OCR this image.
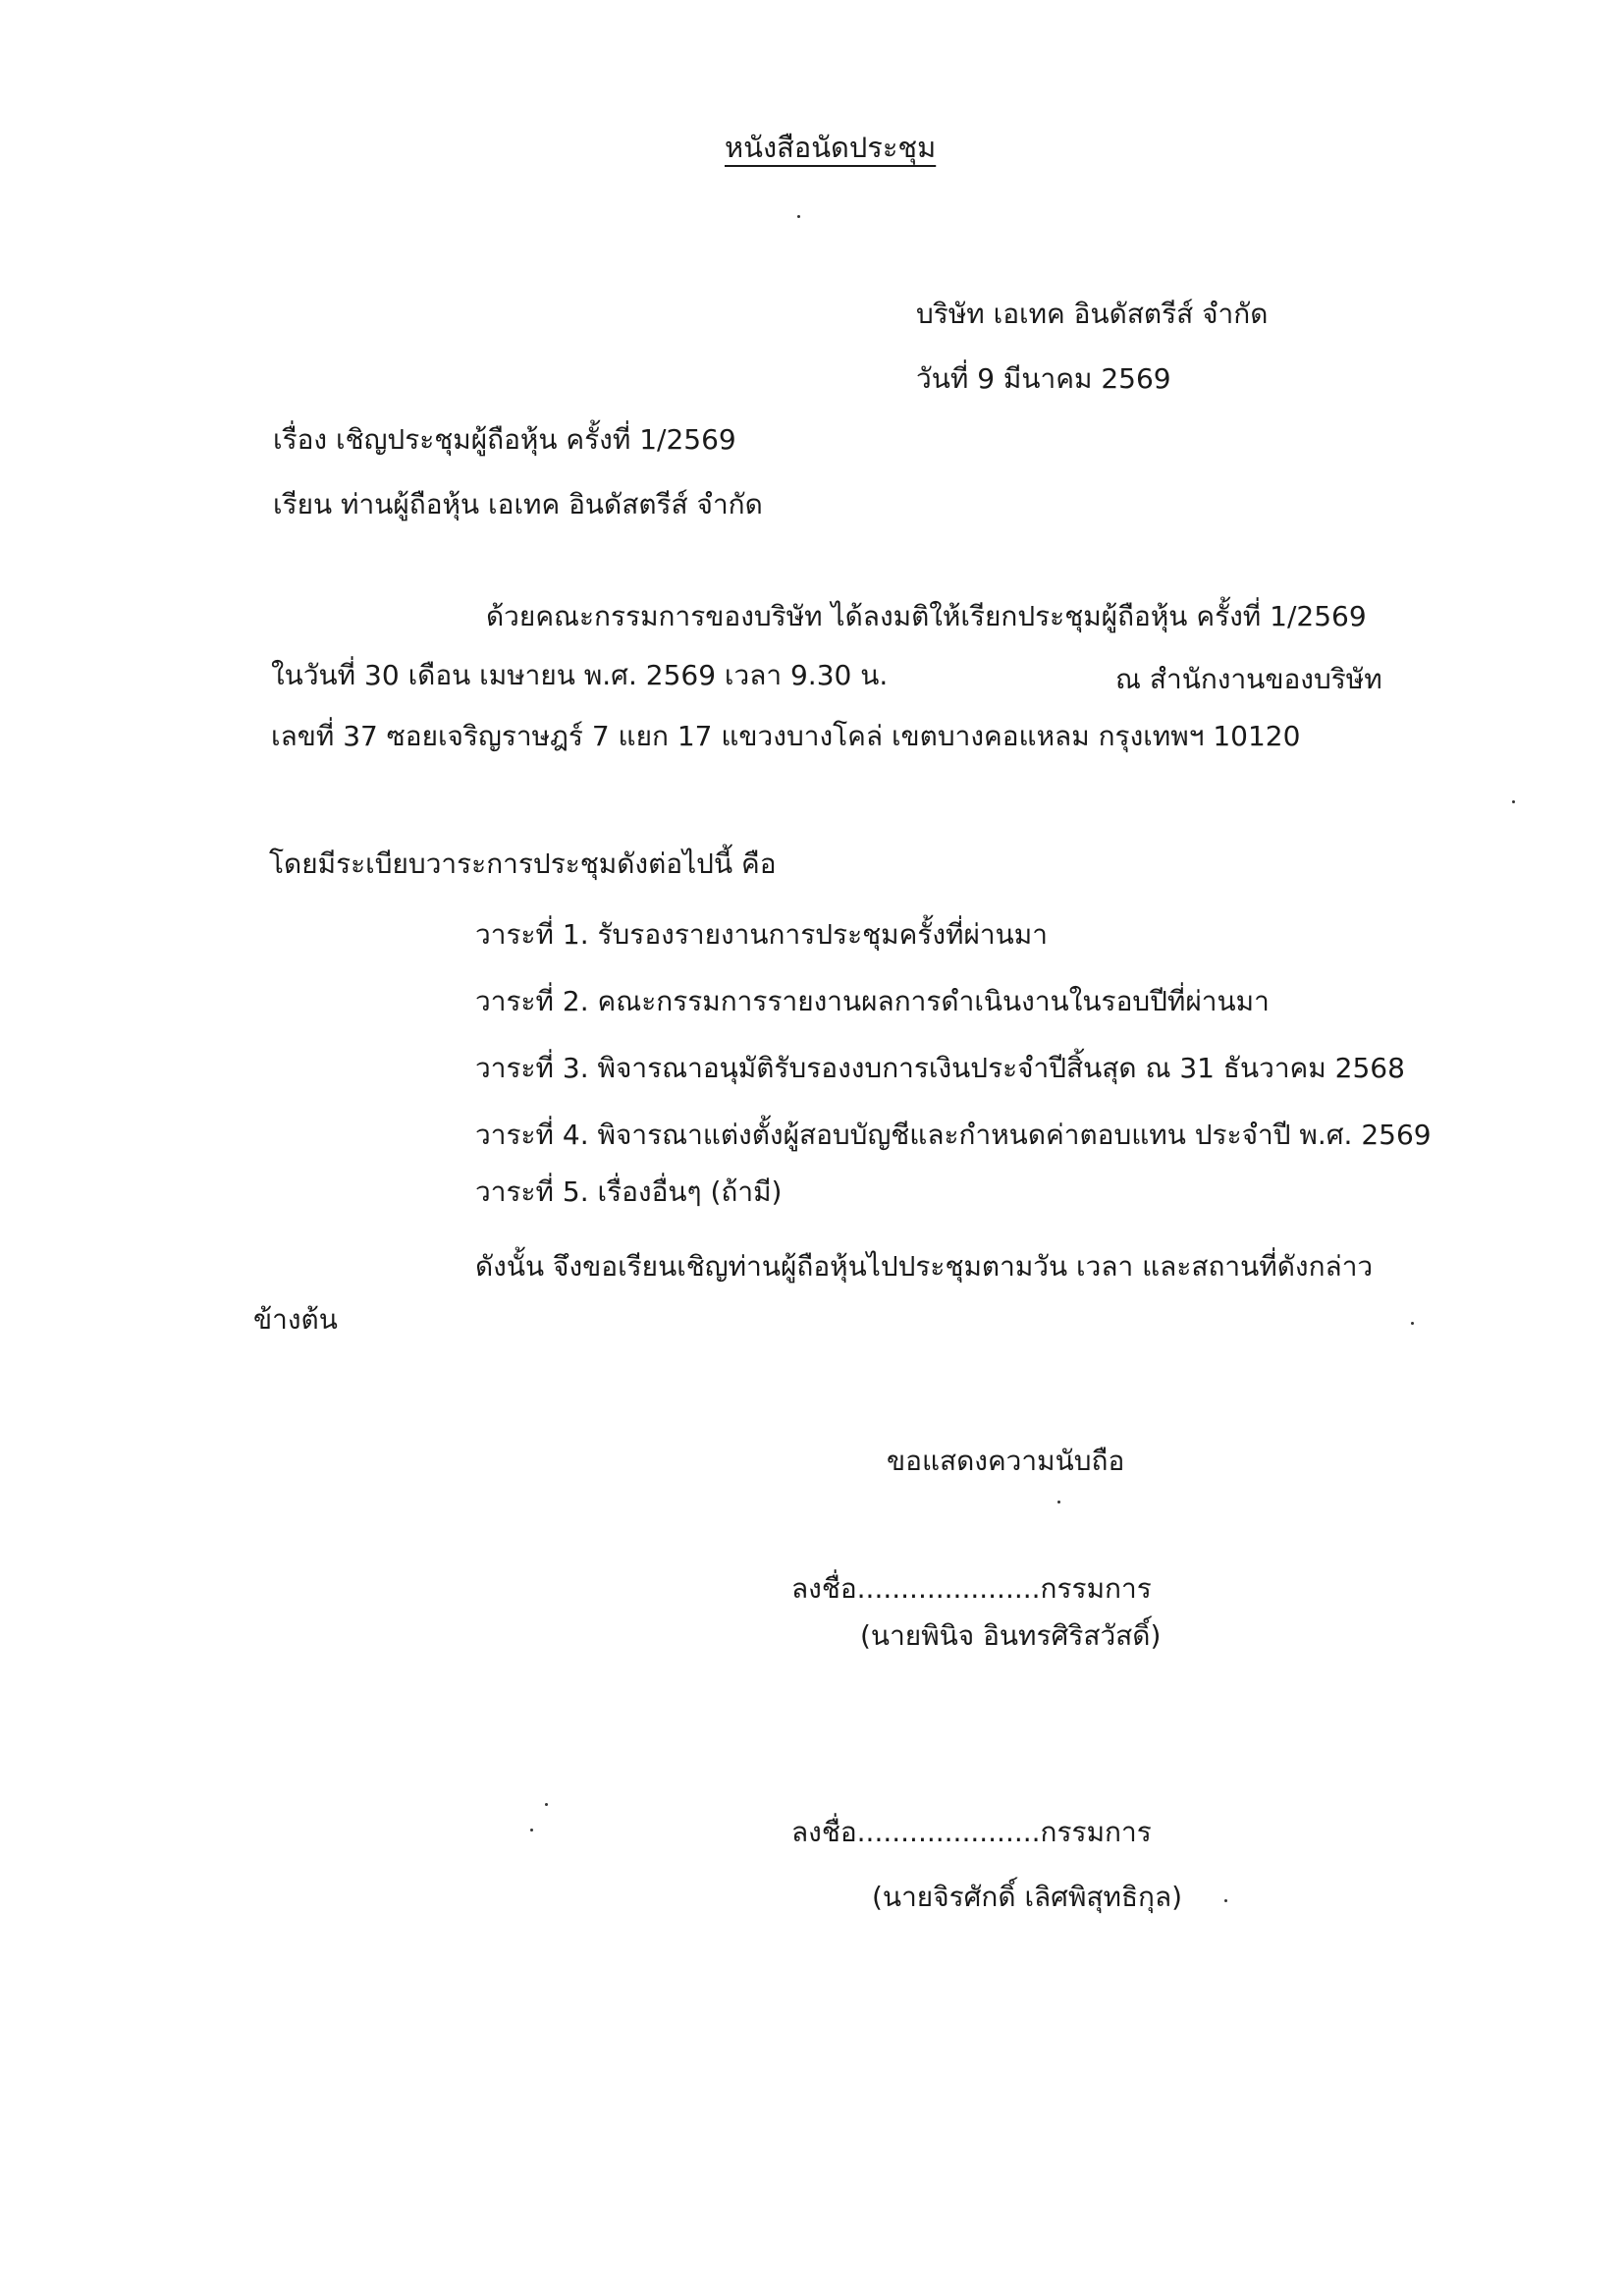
หนังสือนัดประชุม
บริษัท เอเทค อินดัสตรีส์ จำกัด
วันที่ 9 มีนาคม 2569
เรื่อง เชิญประชุมผู้ถือหุ้น ครั้งที่ 1/2569
เรียน ท่านผู้ถือหุ้น เอเทค อินดัสตรีส์ จำกัด
ด้วยคณะกรรมการของบริษัท ได้ลงมติให้เรียกประชุมผู้ถือหุ้น ครั้งที่ 1/2569
ในวันที่ 30 เดือน เมษายน พ.ศ. 2569 เวลา 9.30 น.	ณ สำนักงานของบริษัท
เลขที่ 37 ซอยเจริญราษฎร์ 7 แยก 17 แขวงบางโคล่ เขตบางคอแหลม กรุงเทพฯ 10120
โดยมีระเบียบวาระการประชุมดังต่อไปนี้ คือ
วาระที่ 1. รับรองรายงานการประชุมครั้งที่ผ่านมา
วาระที่ 2. คณะกรรมการรายงานผลการดำเนินงานในรอบปีที่ผ่านมา
วาระที่ 3. พิจารณาอนุมัติรับรองงบการเงินประจำปีสิ้นสุด ณ 31 ธันวาคม 2568
วาระที่ 4. พิจารณาแต่งตั้งผู้สอบบัญชีและกำหนดค่าตอบแทน ประจำปี พ.ศ. 2569
วาระที่ 5. เรื่องอื่นๆ (ถ้ามี)
ดังนั้น จึงขอเรียนเชิญท่านผู้ถือหุ้นไปประชุมตามวัน เวลา และสถานที่ดังกล่าว
ข้างต้น
ขอแสดงความนับถือ
ลงชื่อ.....................กรรมการ
(นายพินิจ อินทรศิริสวัสดิ์)
ลงชื่อ.....................กรรมการ
(นายจิรศักดิ์ เลิศพิสุทธิกุล)
